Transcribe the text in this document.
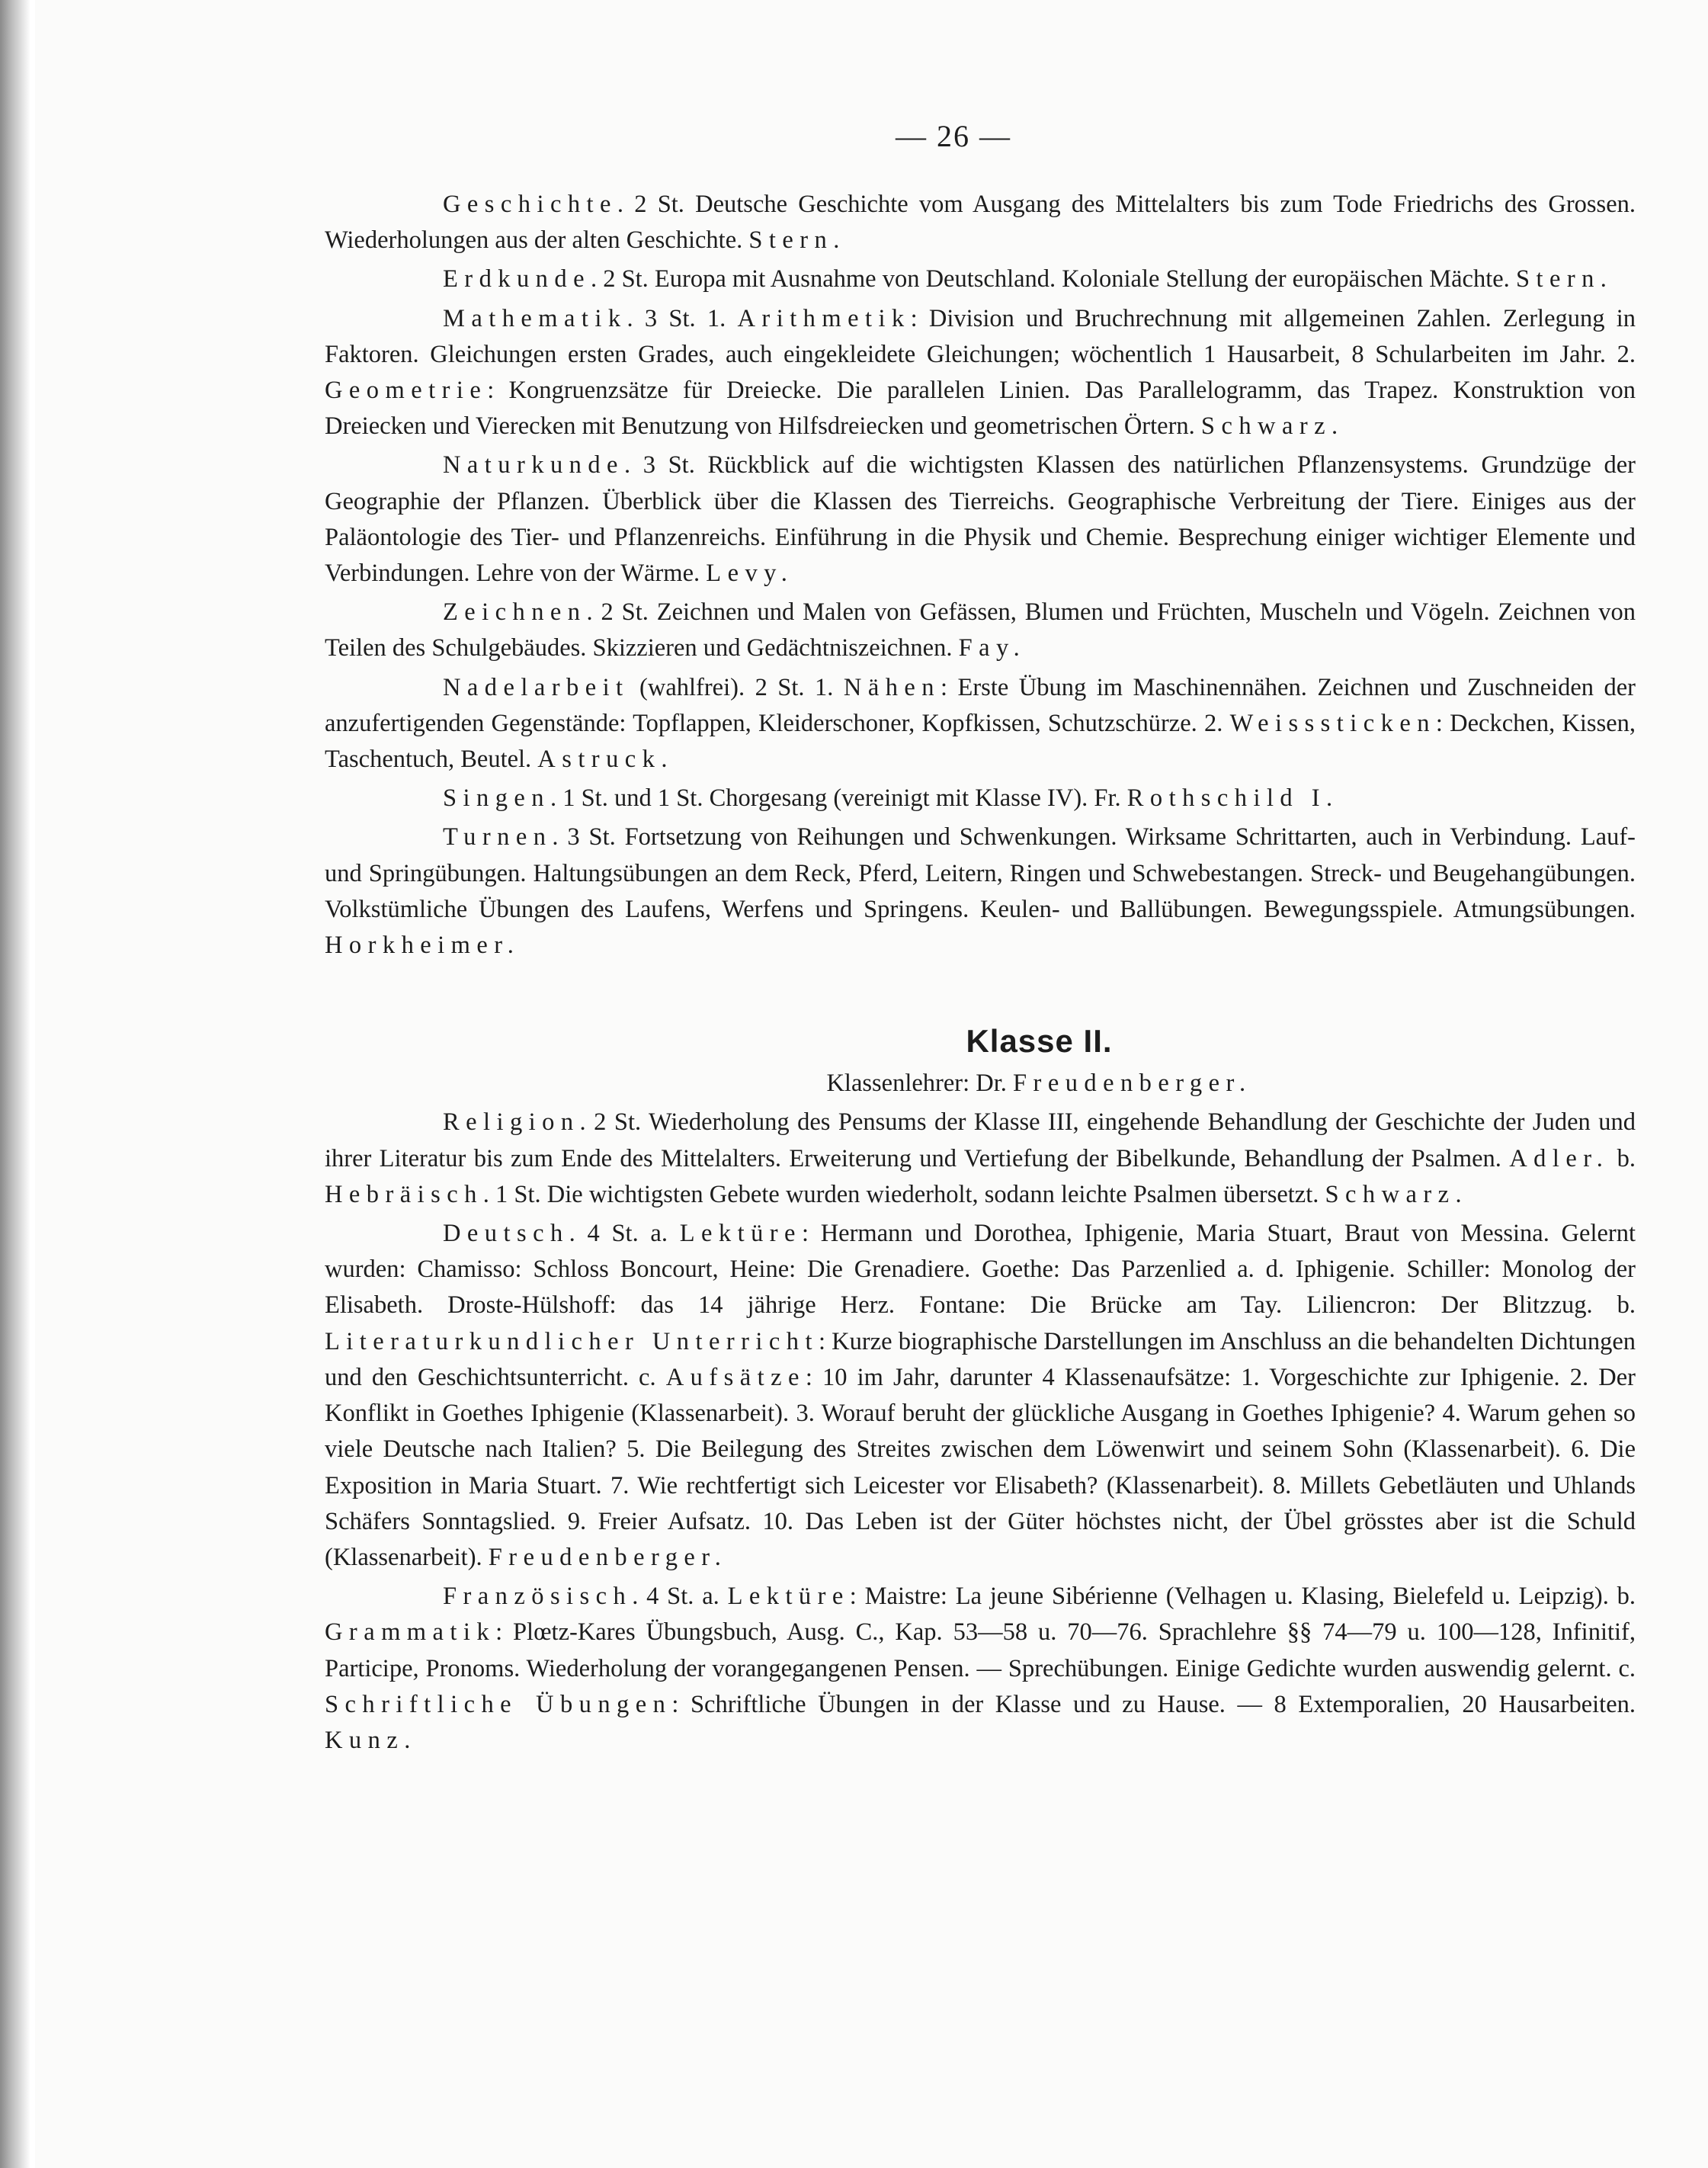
— 26 —

Geschichte. 2 St. Deutsche Geschichte vom Ausgang des Mittelalters bis zum Tode Friedrichs des Grossen. Wiederholungen aus der alten Geschichte. Stern.

Erdkunde. 2 St. Europa mit Ausnahme von Deutschland. Koloniale Stellung der europäischen Mächte. Stern.

Mathematik. 3 St. 1. Arithmetik: Division und Bruchrechnung mit allgemeinen Zahlen. Zerlegung in Faktoren. Gleichungen ersten Grades, auch eingekleidete Gleichungen; wöchentlich 1 Hausarbeit, 8 Schularbeiten im Jahr. 2. Geometrie: Kongruenzsätze für Dreiecke. Die parallelen Linien. Das Parallelogramm, das Trapez. Konstruktion von Dreiecken und Vierecken mit Benutzung von Hilfsdreiecken und geometrischen Örtern. Schwarz.

Naturkunde. 3 St. Rückblick auf die wichtigsten Klassen des natürlichen Pflanzensystems. Grundzüge der Geographie der Pflanzen. Überblick über die Klassen des Tierreichs. Geographische Verbreitung der Tiere. Einiges aus der Paläontologie des Tier- und Pflanzenreichs. Einführung in die Physik und Chemie. Besprechung einiger wichtiger Elemente und Verbindungen. Lehre von der Wärme. Levy.

Zeichnen. 2 St. Zeichnen und Malen von Gefässen, Blumen und Früchten, Muscheln und Vögeln. Zeichnen von Teilen des Schulgebäudes. Skizzieren und Gedächtniszeichnen. Fay.

Nadelarbeit (wahlfrei). 2 St. 1. Nähen: Erste Übung im Maschinennähen. Zeichnen und Zuschneiden der anzufertigenden Gegenstände: Topflappen, Kleiderschoner, Kopfkissen, Schutzschürze. 2. Weisssticken: Deckchen, Kissen, Taschentuch, Beutel. Astruck.

Singen. 1 St. und 1 St. Chorgesang (vereinigt mit Klasse IV). Fr. Rothschild I.

Turnen. 3 St. Fortsetzung von Reihungen und Schwenkungen. Wirksame Schrittarten, auch in Verbindung. Lauf- und Springübungen. Haltungsübungen an dem Reck, Pferd, Leitern, Ringen und Schwebestangen. Streck- und Beugehangübungen. Volkstümliche Übungen des Laufens, Werfens und Springens. Keulen- und Ballübungen. Bewegungsspiele. Atmungsübungen. Horkheimer.

Klasse II.

Klassenlehrer: Dr. Freudenberger.

Religion. 2 St. Wiederholung des Pensums der Klasse III, eingehende Behandlung der Geschichte der Juden und ihrer Literatur bis zum Ende des Mittelalters. Erweiterung und Vertiefung der Bibelkunde, Behandlung der Psalmen. Adler. b. Hebräisch. 1 St. Die wichtigsten Gebete wurden wiederholt, sodann leichte Psalmen übersetzt. Schwarz.

Deutsch. 4 St. a. Lektüre: Hermann und Dorothea, Iphigenie, Maria Stuart, Braut von Messina. Gelernt wurden: Chamisso: Schloss Boncourt, Heine: Die Grenadiere. Goethe: Das Parzenlied a. d. Iphigenie. Schiller: Monolog der Elisabeth. Droste-Hülshoff: das 14 jährige Herz. Fontane: Die Brücke am Tay. Liliencron: Der Blitzzug. b. Literaturkundlicher Unterricht: Kurze biographische Darstellungen im Anschluss an die behandelten Dichtungen und den Geschichtsunterricht. c. Aufsätze: 10 im Jahr, darunter 4 Klassenaufsätze: 1. Vorgeschichte zur Iphigenie. 2. Der Konflikt in Goethes Iphigenie (Klassenarbeit). 3. Worauf beruht der glückliche Ausgang in Goethes Iphigenie? 4. Warum gehen so viele Deutsche nach Italien? 5. Die Beilegung des Streites zwischen dem Löwenwirt und seinem Sohn (Klassenarbeit). 6. Die Exposition in Maria Stuart. 7. Wie rechtfertigt sich Leicester vor Elisabeth? (Klassenarbeit). 8. Millets Gebetläuten und Uhlands Schäfers Sonntagslied. 9. Freier Aufsatz. 10. Das Leben ist der Güter höchstes nicht, der Übel grösstes aber ist die Schuld (Klassenarbeit). Freudenberger.

Französisch. 4 St. a. Lektüre: Maistre: La jeune Sibérienne (Velhagen u. Klasing, Bielefeld u. Leipzig). b. Grammatik: Plœtz-Kares Übungsbuch, Ausg. C., Kap. 53—58 u. 70—76. Sprachlehre §§ 74—79 u. 100—128, Infinitif, Participe, Pronoms. Wiederholung der vorangegangenen Pensen. — Sprechübungen. Einige Gedichte wurden auswendig gelernt. c. Schriftliche Übungen: Schriftliche Übungen in der Klasse und zu Hause. — 8 Extemporalien, 20 Hausarbeiten. Kunz.
